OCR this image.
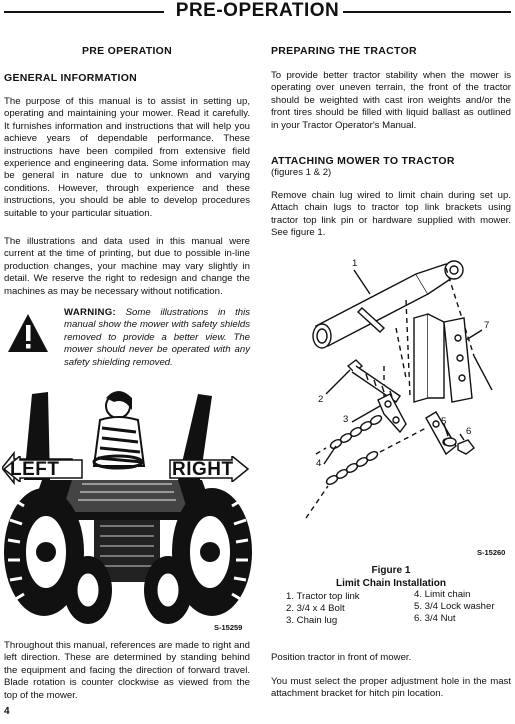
PRE-OPERATION
PRE OPERATION
GENERAL INFORMATION
The purpose of this manual is to assist in setting up, operating and maintaining your mower. Read it carefully. It furnishes information and instructions that will help you achieve years of dependable performance. These instructions have been compiled from extensive field experience and engineering data. Some information may be general in nature due to unknown and varying conditions. However, through experience and these instructions, you should be able to develop procedures suitable to your particular situation.
The illustrations and data used in this manual were current at the time of printing, but due to possible in-line production changes, your machine may vary slightly in detail. We reserve the right to redesign and change the machines as may be necessary without notification.
WARNING: Some illustrations in this manual show the mower with safety shields removed to provide a better view. The mower should never be operated with any safety shielding removed.
LEFT	RIGHT
S-15259
Throughout this manual, references are made to right and left direction. These are determined by standing behind the equipment and facing the direction of forward travel. Blade rotation is counter clockwise as viewed from the top of the mower.
4
PREPARING THE TRACTOR
To provide better tractor stability when the mower is operating over uneven terrain, the front of the tractor should be weighted with cast iron weights and/or the front tires should be filled with liquid ballast as outlined in your Tractor Operator's Manual.
ATTACHING MOWER TO TRACTOR
(figures 1 & 2)
Remove chain lug wired to limit chain during set up. Attach chain lugs to tractor top link brackets using tractor top link pin or hardware supplied with mower. See figure 1.
1
7
2
3	5
6
4
S-15260
Figure 1
Limit Chain Installation
1. Tractor top link
2. 3/4 x 4 Bolt
3. Chain lug
4. Limit chain
5. 3/4 Lock washer
6. 3/4 Nut
Position tractor in front of mower.
You must select the proper adjustment hole in the mast attachment bracket for hitch pin location.
